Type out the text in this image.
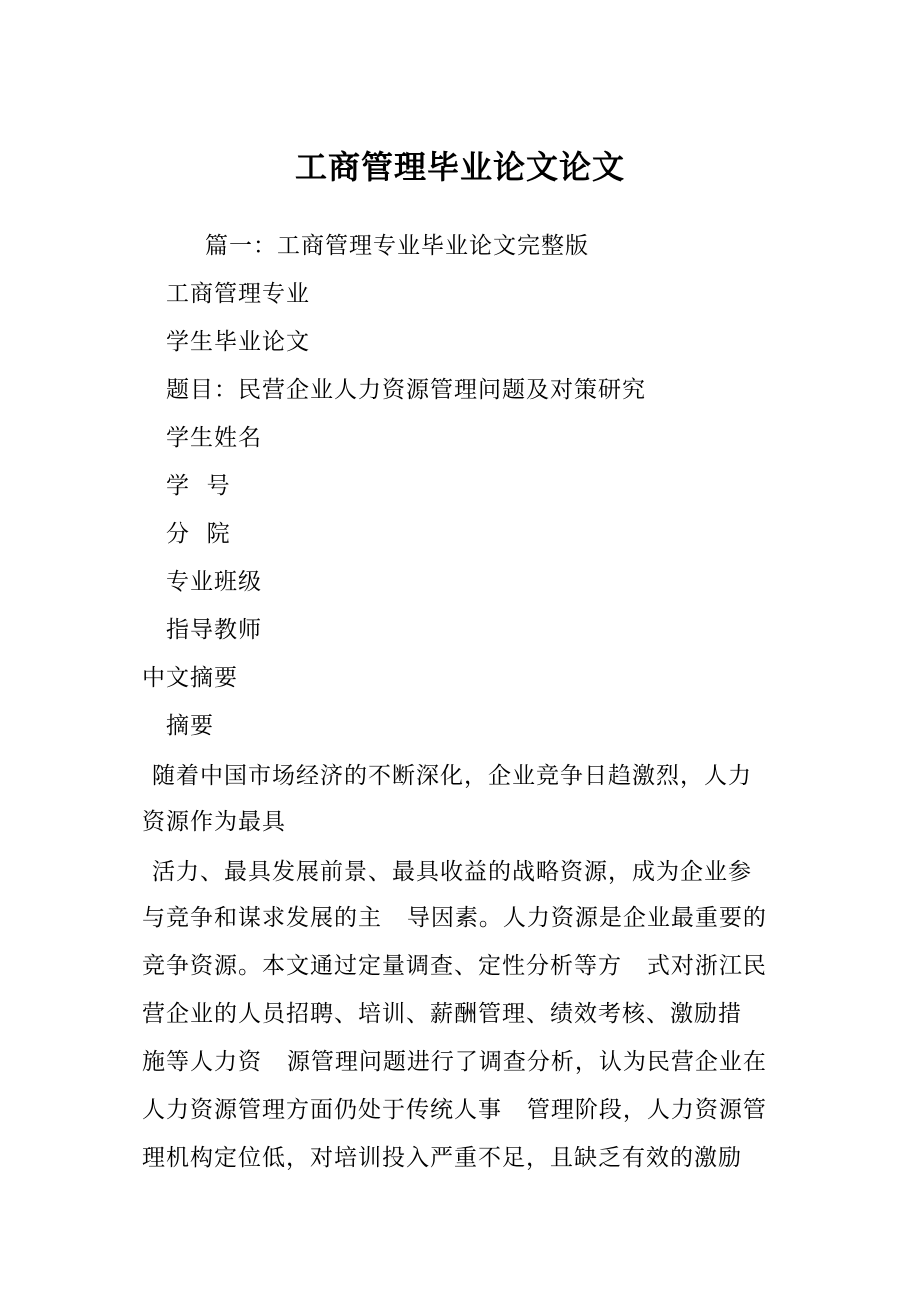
工商管理毕业论文论文
篇一：工商管理专业毕业论文完整版
工商管理专业
学生毕业论文
题目：民营企业人力资源管理问题及对策研究
学生姓名
学  号
分  院
专业班级
指导教师
中文摘要
摘要
随着中国市场经济的不断深化，企业竞争日趋激烈，人力
资源作为最具
活力、最具发展前景、最具收益的战略资源，成为企业参
与竞争和谋求发展的主   导因素。人力资源是企业最重要的
竞争资源。本文通过定量调查、定性分析等方   式对浙江民
营企业的人员招聘、培训、薪酬管理、绩效考核、激励措
施等人力资   源管理问题进行了调查分析，认为民营企业在
人力资源管理方面仍处于传统人事   管理阶段，人力资源管
理机构定位低，对培训投入严重不足，且缺乏有效的激励
